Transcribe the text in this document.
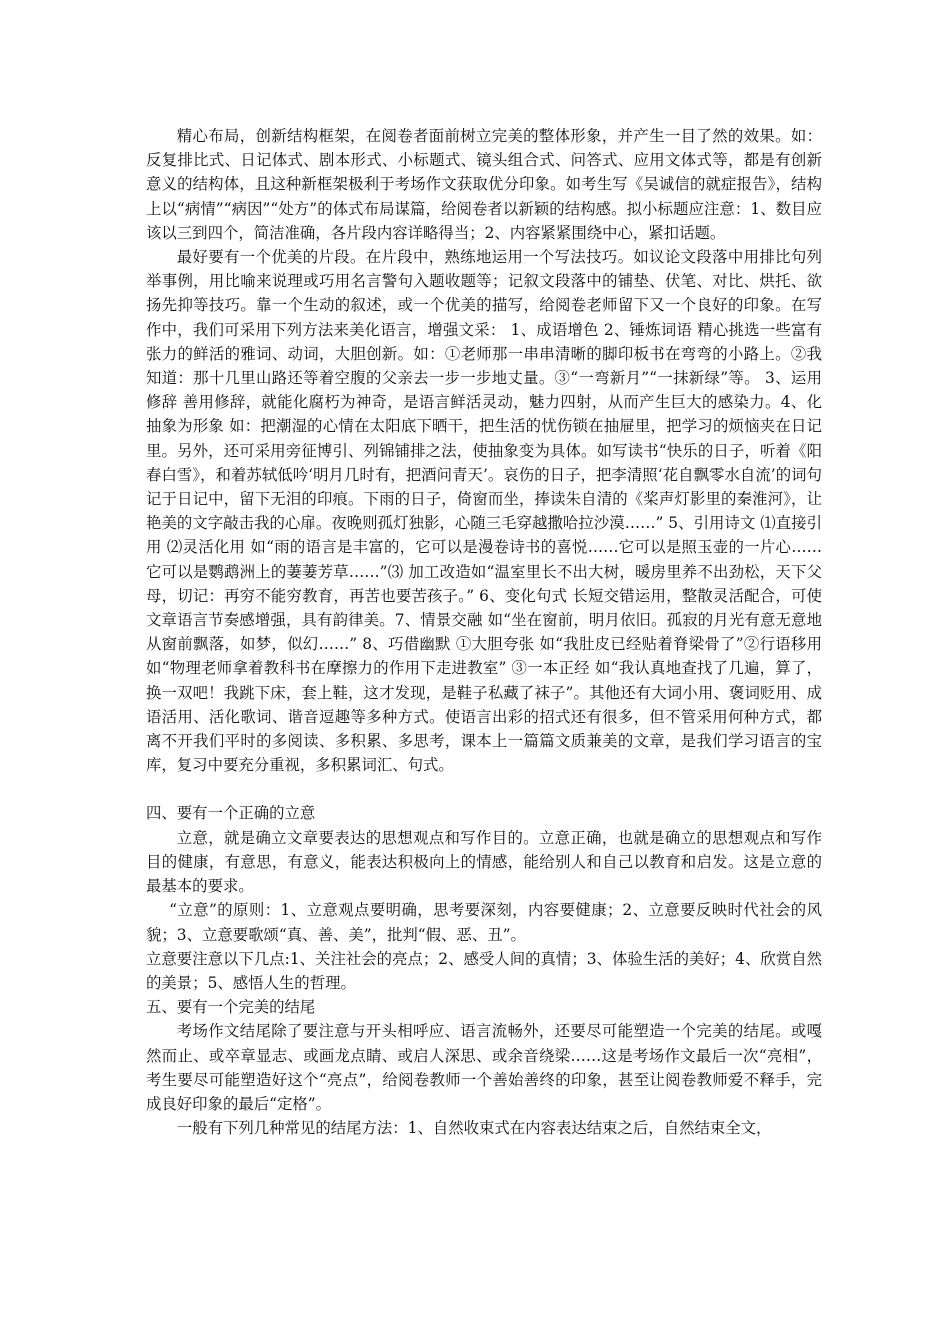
精心布局，创新结构框架，在阅卷者面前树立完美的整体形象，并产生一目了然的效果。如：反复排比式、日记体式、剧本形式、小标题式、镜头组合式、问答式、应用文体式等，都是有创新意义的结构体，且这种新框架极利于考场作文获取优分印象。如考生写《吴诚信的就症报告》，结构上以“病情”“病因”“处方”的体式布局谋篇，给阅卷者以新颖的结构感。拟小标题应注意：1、数目应该以三到四个，简洁准确，各片段内容详略得当；2、内容紧紧围绕中心，紧扣话题。

最好要有一个优美的片段。在片段中，熟练地运用一个写法技巧。如议论文段落中用排比句列举事例，用比喻来说理或巧用名言警句入题收题等；记叙文段落中的铺垫、伏笔、对比、烘托、欲扬先抑等技巧。靠一个生动的叙述，或一个优美的描写，给阅卷老师留下又一个良好的印象。在写作中，我们可采用下列方法来美化语言，增强文采： 1、成语增色 2、锤炼词语 精心挑选一些富有张力的鲜活的雅词、动词，大胆创新。如：①老师那一串串清晰的脚印板书在弯弯的小路上。②我知道：那十几里山路还等着空腹的父亲去一步一步地丈量。③“一弯新月”“一抹新绿”等。 3、运用修辞 善用修辞，就能化腐朽为神奇，是语言鲜活灵动，魅力四射，从而产生巨大的感染力。4、化抽象为形象 如：把潮湿的心情在太阳底下晒干，把生活的忧伤锁在抽屉里，把学习的烦恼夹在日记里。另外，还可采用旁征博引、列锦铺排之法，使抽象变为具体。如写读书“快乐的日子，听着《阳春白雪》，和着苏轼低吟‘明月几时有，把酒问青天’。哀伤的日子，把李清照‘花自飘零水自流’的词句记于日记中，留下无泪的印痕。下雨的日子，倚窗而坐，捧读朱自清的《桨声灯影里的秦淮河》，让艳美的文字敲击我的心扉。夜晚则孤灯独影，心随三毛穿越撒哈拉沙漠……” 5、引用诗文 ⑴直接引用 ⑵灵活化用 如“雨的语言是丰富的，它可以是漫卷诗书的喜悦……它可以是照玉壶的一片心……它可以是鹦鹉洲上的萋萋芳草……”⑶ 加工改造如“温室里长不出大树，暖房里养不出劲松，天下父母，切记：再穷不能穷教育，再苦也要苦孩子。” 6、变化句式 长短交错运用，整散灵活配合，可使文章语言节奏感增强，具有韵律美。7、情景交融 如“坐在窗前，明月依旧。孤寂的月光有意无意地从窗前飘落，如梦，似幻……” 8、巧借幽默 ①大胆夸张 如“我肚皮已经贴着脊梁骨了”②行语移用如“物理老师拿着教科书在摩擦力的作用下走进教室” ③一本正经 如“我认真地查找了几遍，算了，换一双吧！我跳下床，套上鞋，这才发现，是鞋子私藏了袜子”。其他还有大词小用、褒词贬用、成语活用、活化歌词、谐音逗趣等多种方式。使语言出彩的招式还有很多，但不管采用何种方式，都离不开我们平时的多阅读、多积累、多思考，课本上一篇篇文质兼美的文章，是我们学习语言的宝库，复习中要充分重视，多积累词汇、句式。

四、要有一个正确的立意

立意，就是确立文章要表达的思想观点和写作目的。立意正确，也就是确立的思想观点和写作目的健康，有意思，有意义，能表达积极向上的情感，能给别人和自己以教育和启发。这是立意的最基本的要求。

“立意”的原则：1、立意观点要明确，思考要深刻，内容要健康；2、立意要反映时代社会的风貌；3、立意要歌颂“真、善、美”，批判“假、恶、丑”。

立意要注意以下几点:1、关注社会的亮点；2、感受人间的真情；3、体验生活的美好；4、欣赏自然的美景；5、感悟人生的哲理。

五、要有一个完美的结尾

考场作文结尾除了要注意与开头相呼应、语言流畅外，还要尽可能塑造一个完美的结尾。或嘎然而止、或卒章显志、或画龙点睛、或启人深思、或余音绕梁……这是考场作文最后一次“亮相”，考生要尽可能塑造好这个“亮点”，给阅卷教师一个善始善终的印象，甚至让阅卷教师爱不释手，完成良好印象的最后“定格”。

一般有下列几种常见的结尾方法：1、自然收束式在内容表达结束之后，自然结束全文，
